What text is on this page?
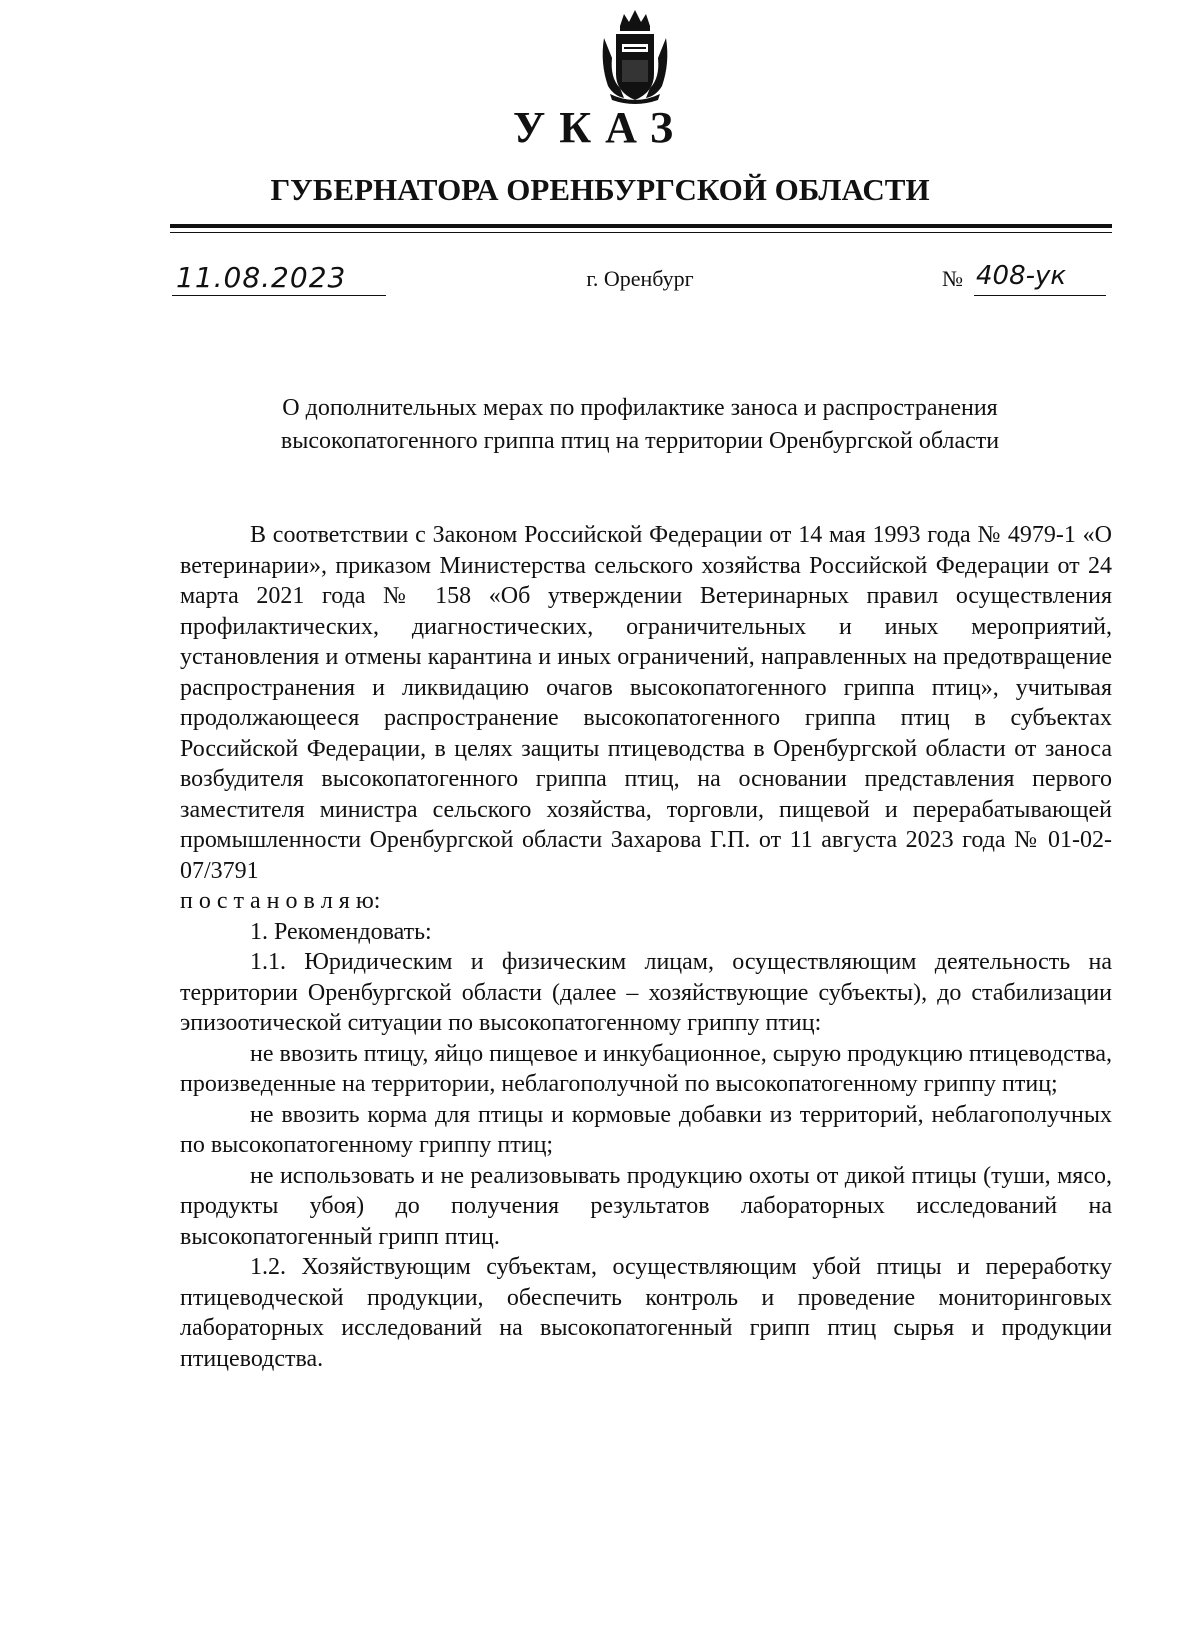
УКАЗ
ГУБЕРНАТОРА ОРЕНБУРГСКОЙ ОБЛАСТИ
11.08.2023	г. Оренбург	№ 408-ук
О дополнительных мерах по профилактике заноса и распространения
высокопатогенного гриппа птиц на территории Оренбургской области

В соответствии с Законом Российской Федерации от 14 мая 1993 года № 4979-1 «О ветеринарии», приказом Министерства сельского хозяйства Российской Федерации от 24 марта 2021 года № 158 «Об утверждении Ветеринарных правил осуществления профилактических, диагностических, ограничительных и иных мероприятий, установления и отмены карантина и иных ограничений, направленных на предотвращение распространения и ликвидацию очагов высокопатогенного гриппа птиц», учитывая продолжающееся распространение высокопатогенного гриппа птиц в субъектах Российской Федерации, в целях защиты птицеводства в Оренбургской области от заноса возбудителя высокопатогенного гриппа птиц, на основании представления первого заместителя министра сельского хозяйства, торговли, пищевой и перерабатывающей промышленности Оренбургской области Захарова Г.П. от 11 августа 2023 года № 01-02-07/3791

п о с т а н о в л я ю:

1. Рекомендовать:

1.1. Юридическим и физическим лицам, осуществляющим деятельность на территории Оренбургской области (далее – хозяйствующие субъекты), до стабилизации эпизоотической ситуации по высокопатогенному гриппу птиц:

не ввозить птицу, яйцо пищевое и инкубационное, сырую продукцию птицеводства, произведенные на территории, неблагополучной по высокопатогенному гриппу птиц;

не ввозить корма для птицы и кормовые добавки из территорий, неблагополучных по высокопатогенному гриппу птиц;

не использовать и не реализовывать продукцию охоты от дикой птицы (туши, мясо, продукты убоя) до получения результатов лабораторных исследований на высокопатогенный грипп птиц.

1.2. Хозяйствующим субъектам, осуществляющим убой птицы и переработку птицеводческой продукции, обеспечить контроль и проведение мониторинговых лабораторных исследований на высокопатогенный грипп птиц сырья и продукции птицеводства.
